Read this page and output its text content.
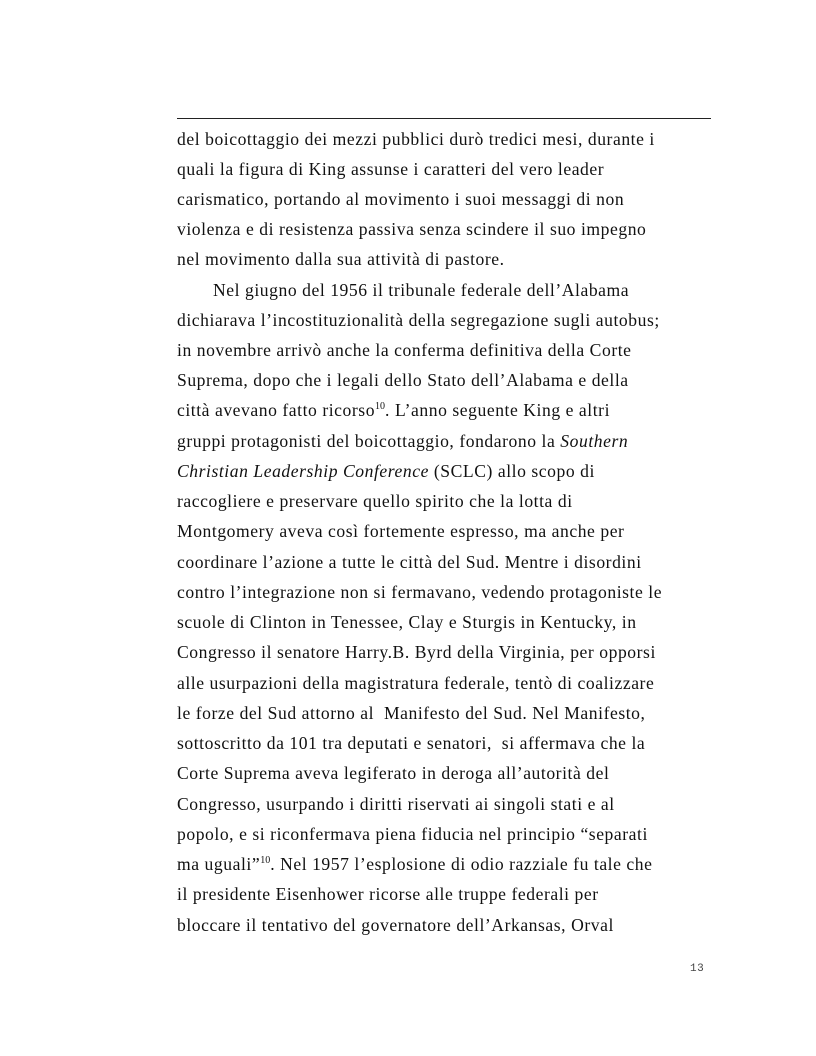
del boicottaggio dei mezzi pubblici durò tredici mesi, durante i
quali la figura di King assunse i caratteri del vero leader
carismatico, portando al movimento i suoi messaggi di non
violenza e di resistenza passiva senza scindere il suo impegno
nel movimento dalla sua attività di pastore.
Nel giugno del 1956 il tribunale federale dell’Alabama
dichiarava l’incostituzionalità della segregazione sugli autobus;
in novembre arrivò anche la conferma definitiva della Corte
Suprema, dopo che i legali dello Stato dell’Alabama e della
città avevano fatto ricorso$^{10}$. L’anno seguente King e altri
gruppi protagonisti del boicottaggio, fondarono la Southern
Christian Leadership Conference (SCLC) allo scopo di
raccogliere e preservare quello spirito che la lotta di
Montgomery aveva così fortemente espresso, ma anche per
coordinare l’azione a tutte le città del Sud. Mentre i disordini
contro l’integrazione non si fermavano, vedendo protagoniste le
scuole di Clinton in Tenessee, Clay e Sturgis in Kentucky, in
Congresso il senatore Harry.B. Byrd della Virginia, per opporsi
alle usurpazioni della magistratura federale, tentò di coalizzare
le forze del Sud attorno al  Manifesto del Sud. Nel Manifesto,
sottoscritto da 101 tra deputati e senatori,  si affermava che la
Corte Suprema aveva legiferato in deroga all’autorità del
Congresso, usurpando i diritti riservati ai singoli stati e al
popolo, e si riconfermava piena fiducia nel principio “separati
ma uguali”$^{10}$. Nel 1957 l’esplosione di odio razziale fu tale che
il presidente Eisenhower ricorse alle truppe federali per
bloccare il tentativo del governatore dell’Arkansas, Orval
13
